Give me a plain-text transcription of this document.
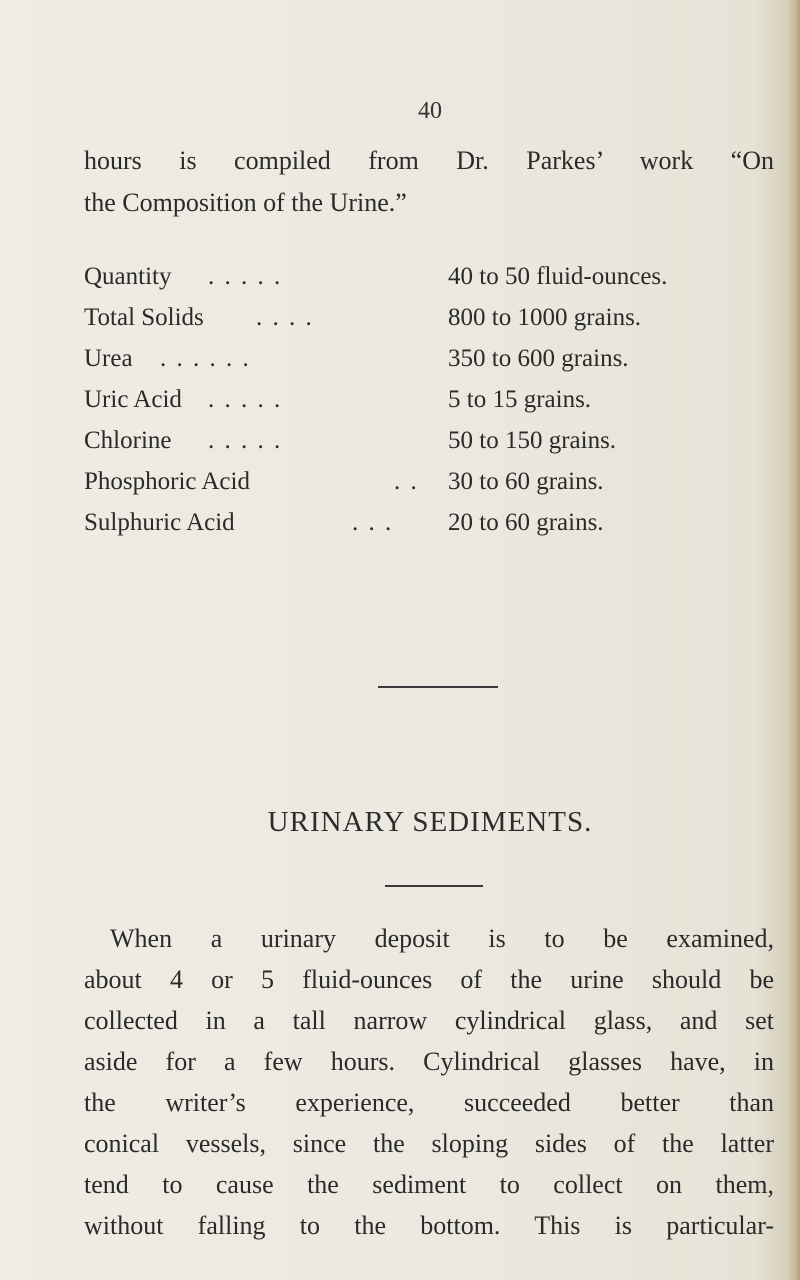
40
hours is compiled from Dr. Parkes’ work “On
the Composition of the Urine.”
Quantity . . . . .	40 to 50 fluid-ounces.
Total Solids . . . .	800 to 1000 grains.
Urea . . . . . .	350 to 600 grains.
Uric Acid . . . . .	5 to 15 grains.
Chlorine . . . . .	50 to 150 grains.
Phosphoric Acid	. . 30 to 60 grains.
Sulphuric Acid	. . . 20 to 60 grains.
URINARY SEDIMENTS.
When a urinary deposit is to be examined,
about 4 or 5 fluid-ounces of the urine should be
collected in a tall narrow cylindrical glass, and set
aside for a few hours. Cylindrical glasses have, in
the writer’s experience, succeeded better than
conical vessels, since the sloping sides of the latter
tend to cause the sediment to collect on them,
without falling to the bottom. This is particular-
